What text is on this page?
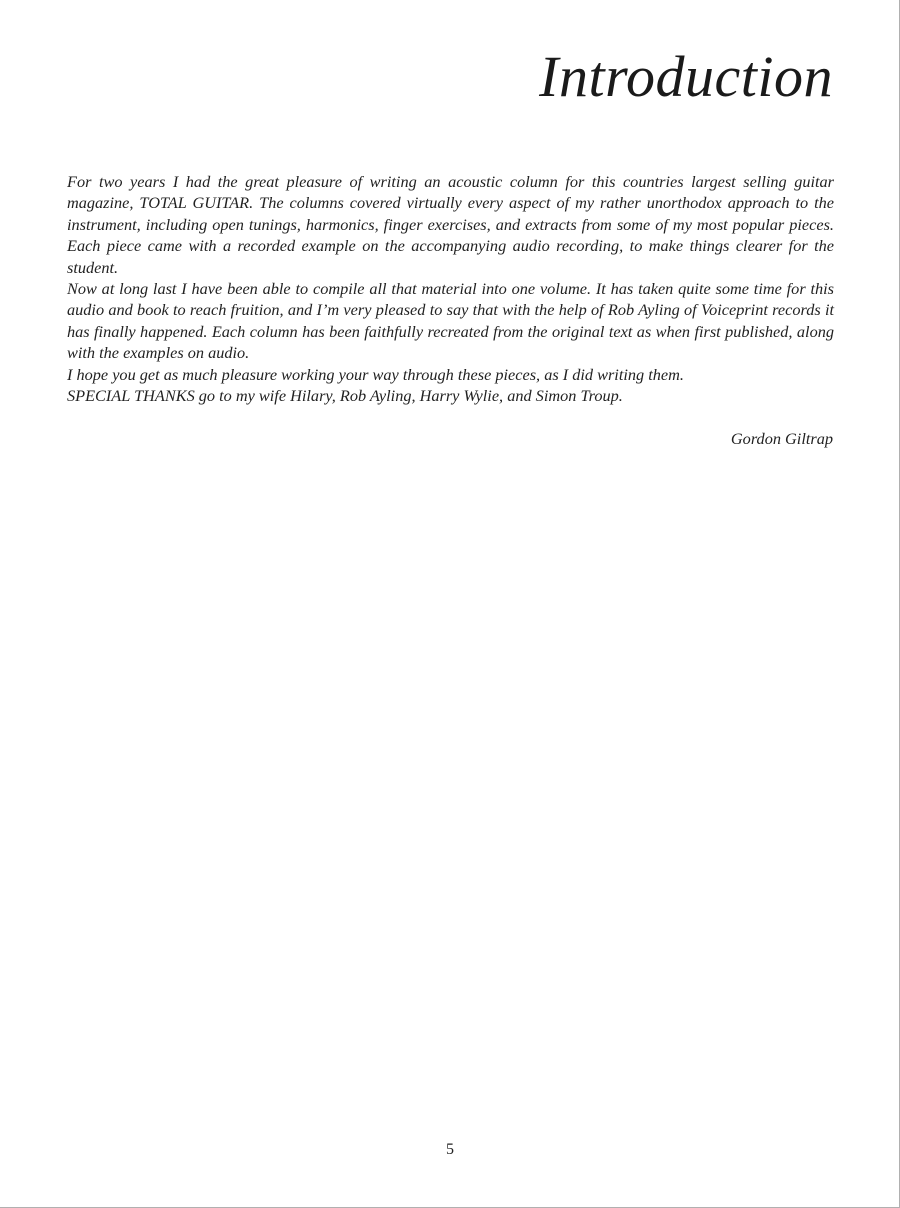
Introduction

For two years I had the great pleasure of writing an acoustic column for this countries largest selling guitar magazine, TOTAL GUITAR. The columns covered virtually every aspect of my rather unorthodox approach to the instrument, including open tunings, harmonics, finger exercises, and extracts from some of my most popular pieces. Each piece came with a recorded example on the accompanying audio recording, to make things clearer for the student.

Now at long last I have been able to compile all that material into one volume. It has taken quite some time for this audio and book to reach fruition, and I’m very pleased to say that with the help of Rob Ayling of Voiceprint records it has finally happened. Each column has been faithfully recreated from the original text as when first published, along with the examples on audio.

I hope you get as much pleasure working your way through these pieces, as I did writing them.

SPECIAL THANKS go to my wife Hilary, Rob Ayling, Harry Wylie, and Simon Troup.

Gordon Giltrap

5
